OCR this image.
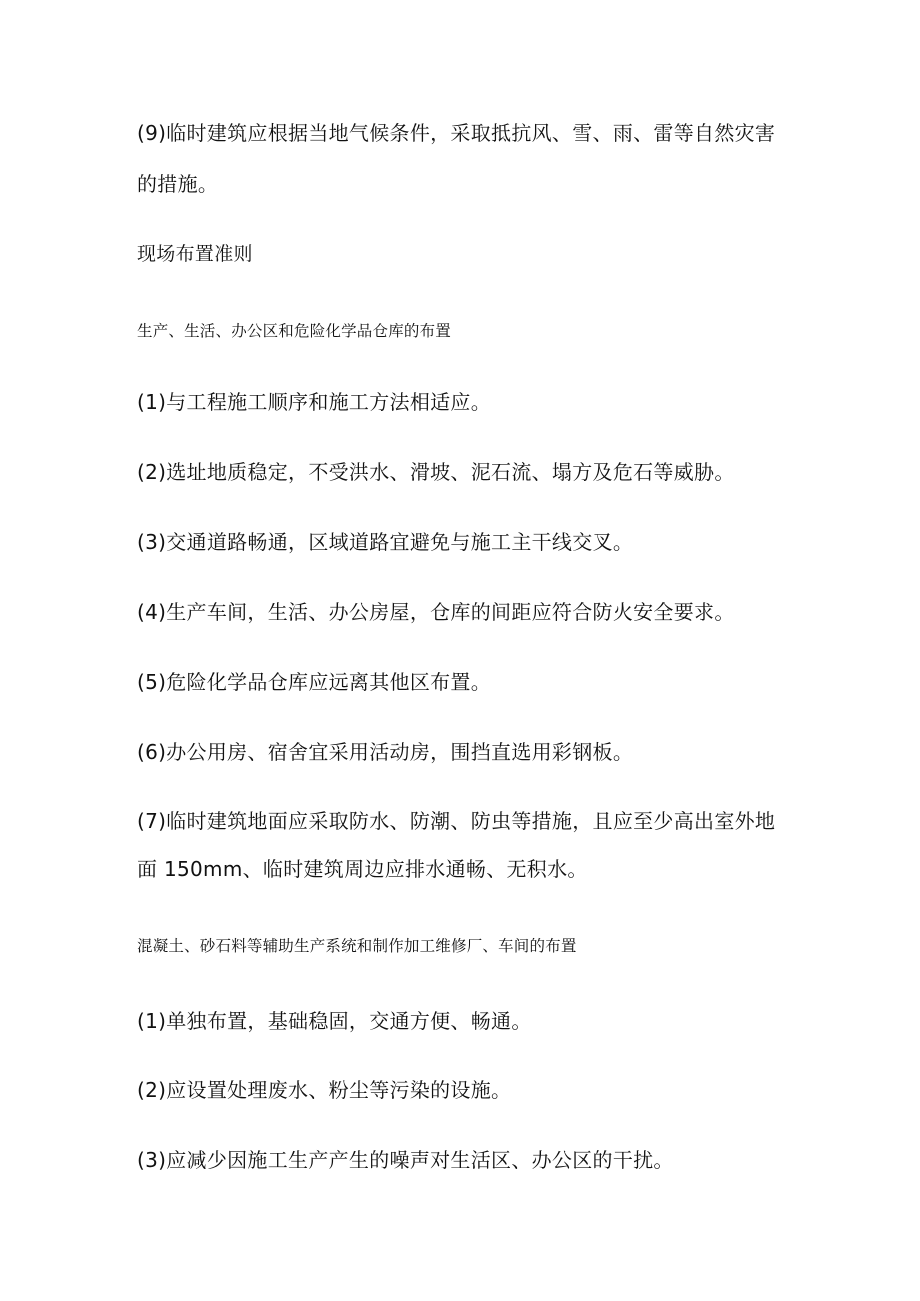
(9)临时建筑应根据当地气候条件，采取抵抗风、雪、雨、雷等自然灾害

的措施。

现场布置准则

生产、生活、办公区和危险化学品仓库的布置

(1)与工程施工顺序和施工方法相适应。

(2)选址地质稳定，不受洪水、滑坡、泥石流、塌方及危石等威胁。

(3)交通道路畅通，区域道路宜避免与施工主干线交叉。

(4)生产车间，生活、办公房屋，仓库的间距应符合防火安全要求。

(5)危险化学品仓库应远离其他区布置。

(6)办公用房、宿舍宜采用活动房，围挡直选用彩钢板。

(7)临时建筑地面应采取防水、防潮、防虫等措施，且应至少高出室外地

面 150mm、临时建筑周边应排水通畅、无积水。

混凝土、砂石料等辅助生产系统和制作加工维修厂、车间的布置

(1)单独布置，基础稳固，交通方便、畅通。

(2)应设置处理废水、粉尘等污染的设施。

(3)应减少因施工生产产生的噪声对生活区、办公区的干扰。
